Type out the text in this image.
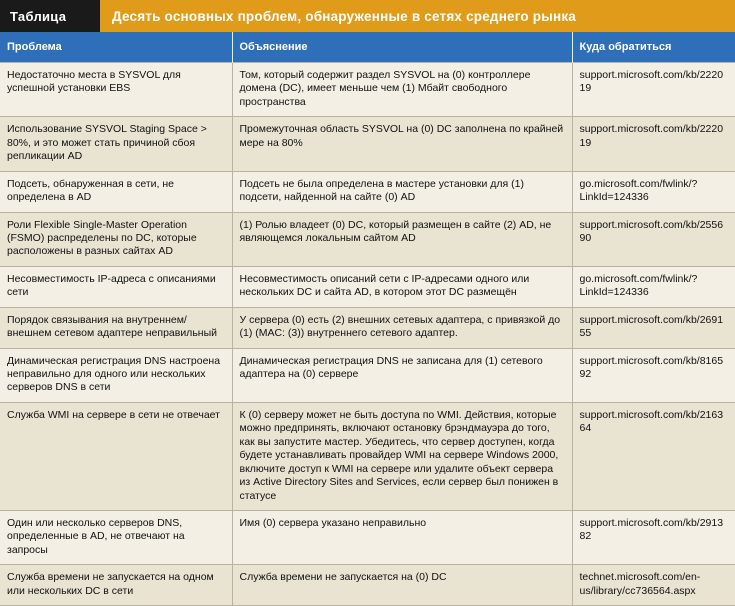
Таблица	Десять основных проблем, обнаруженные в сетях среднего рынка
Проблема	Объяснение	Куда обратиться
Недостаточно места в SYSVOL для успешной установки EBS	Том, который содержит раздел SYSVOL на (0) контроллере домена (DC), имеет меньше чем (1) Мбайт свободного пространства	support.microsoft.com/kb/222019
Использование SYSVOL Staging Space > 80%, и это может стать причиной сбоя репликации AD	Промежуточная область SYSVOL на (0) DC заполнена по крайней мере на 80%	support.microsoft.com/kb/222019
Подсеть, обнаруженная в сети, не определена в AD	Подсеть не была определена в мастере установки для (1) подсети, найденной на сайте (0) AD	go.microsoft.com/fwlink/?LinkId=124336
Роли Flexible Single-Master Operation (FSMO) распределены по DC, которые расположены в разных сайтах AD	(1) Ролью владеет (0) DC, который размещен в сайте (2) AD, не являющемся локальным сайтом AD	support.microsoft.com/kb/255690
Несовместимость IP-адреса с описаниями сети	Несовместимость описаний сети с IP-адресами одного или нескольких DC и сайта AD, в котором этот DC размещён	go.microsoft.com/fwlink/?LinkId=124336
Порядок связывания на внутреннем/внешнем сетевом адаптере неправильный	У сервера (0) есть (2) внешних сетевых адаптера, с привязкой до (1) (MAC: (3)) внутреннего сетевого адаптер.	support.microsoft.com/kb/269155
Динамическая регистрация DNS настроена неправильно для одного или нескольких серверов DNS в сети	Динамическая регистрация DNS не записана для (1) сетевого адаптера на (0) сервере	support.microsoft.com/kb/816592
Служба WMI на сервере в сети не отвечает	К (0) серверу может не быть доступа по WMI. Действия, которые можно предпринять, включают остановку брэндмауэра до того, как вы запустите мастер. Убедитесь, что сервер доступен, когда будете устанавливать провайдер WMI на сервере Windows 2000, включите доступ к WMI на сервере или удалите объект сервера из Active Directory Sites and Services, если сервер был понижен в статусе	support.microsoft.com/kb/216364
Один или несколько серверов DNS, определенные в AD, не отвечают на запросы	Имя (0) сервера указано неправильно	support.microsoft.com/kb/291382
Служба времени не запускается на одном или нескольких DC в сети	Служба времени не запускается на (0) DC	technet.microsoft.com/en-us/library/cc736564.aspx
